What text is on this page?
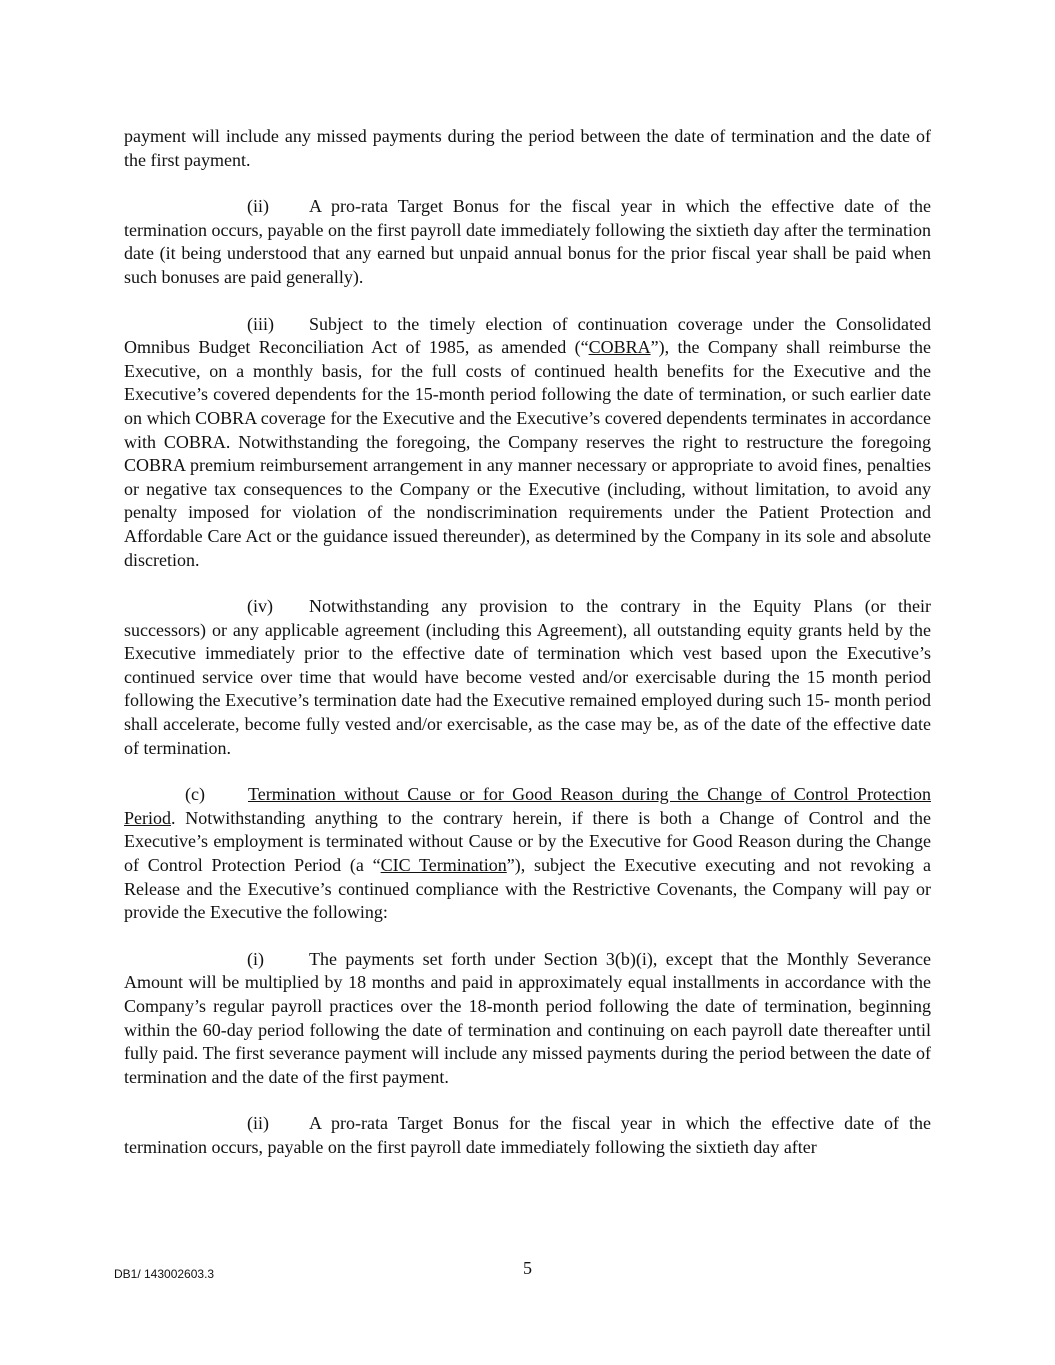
payment will include any missed payments during the period between the date of termination and the date of the first payment.

(ii) A pro-rata Target Bonus for the fiscal year in which the effective date of the termination occurs, payable on the first payroll date immediately following the sixtieth day after the termination date (it being understood that any earned but unpaid annual bonus for the prior fiscal year shall be paid when such bonuses are paid generally).

(iii) Subject to the timely election of continuation coverage under the Consolidated Omnibus Budget Reconciliation Act of 1985, as amended (“COBRA”), the Company shall reimburse the Executive, on a monthly basis, for the full costs of continued health benefits for the Executive and the Executive’s covered dependents for the 15-month period following the date of termination, or such earlier date on which COBRA coverage for the Executive and the Executive’s covered dependents terminates in accordance with COBRA. Notwithstanding the foregoing, the Company reserves the right to restructure the foregoing COBRA premium reimbursement arrangement in any manner necessary or appropriate to avoid fines, penalties or negative tax consequences to the Company or the Executive (including, without limitation, to avoid any penalty imposed for violation of the nondiscrimination requirements under the Patient Protection and Affordable Care Act or the guidance issued thereunder), as determined by the Company in its sole and absolute discretion.

(iv) Notwithstanding any provision to the contrary in the Equity Plans (or their successors) or any applicable agreement (including this Agreement), all outstanding equity grants held by the Executive immediately prior to the effective date of termination which vest based upon the Executive’s continued service over time that would have become vested and/or exercisable during the 15 month period following the Executive’s termination date had the Executive remained employed during such 15- month period shall accelerate, become fully vested and/or exercisable, as the case may be, as of the date of the effective date of termination.

(c) Termination without Cause or for Good Reason during the Change of Control Protection Period. Notwithstanding anything to the contrary herein, if there is both a Change of Control and the Executive’s employment is terminated without Cause or by the Executive for Good Reason during the Change of Control Protection Period (a “CIC Termination”), subject the Executive executing and not revoking a Release and the Executive’s continued compliance with the Restrictive Covenants, the Company will pay or provide the Executive the following:

(i)	The payments set forth under Section 3(b)(i), except that the Monthly Severance Amount will be multiplied by 18 months and paid in approximately equal installments in accordance with the Company’s regular payroll practices over the 18-month period following the date of termination, beginning within the 60-day period following the date of termination and continuing on each payroll date thereafter until fully paid. The first severance payment will include any missed payments during the period between the date of termination and the date of the first payment.

(ii) A pro-rata Target Bonus for the fiscal year in which the effective date of the termination occurs, payable on the first payroll date immediately following the sixtieth day after

DB1/ 143002603.3	5
